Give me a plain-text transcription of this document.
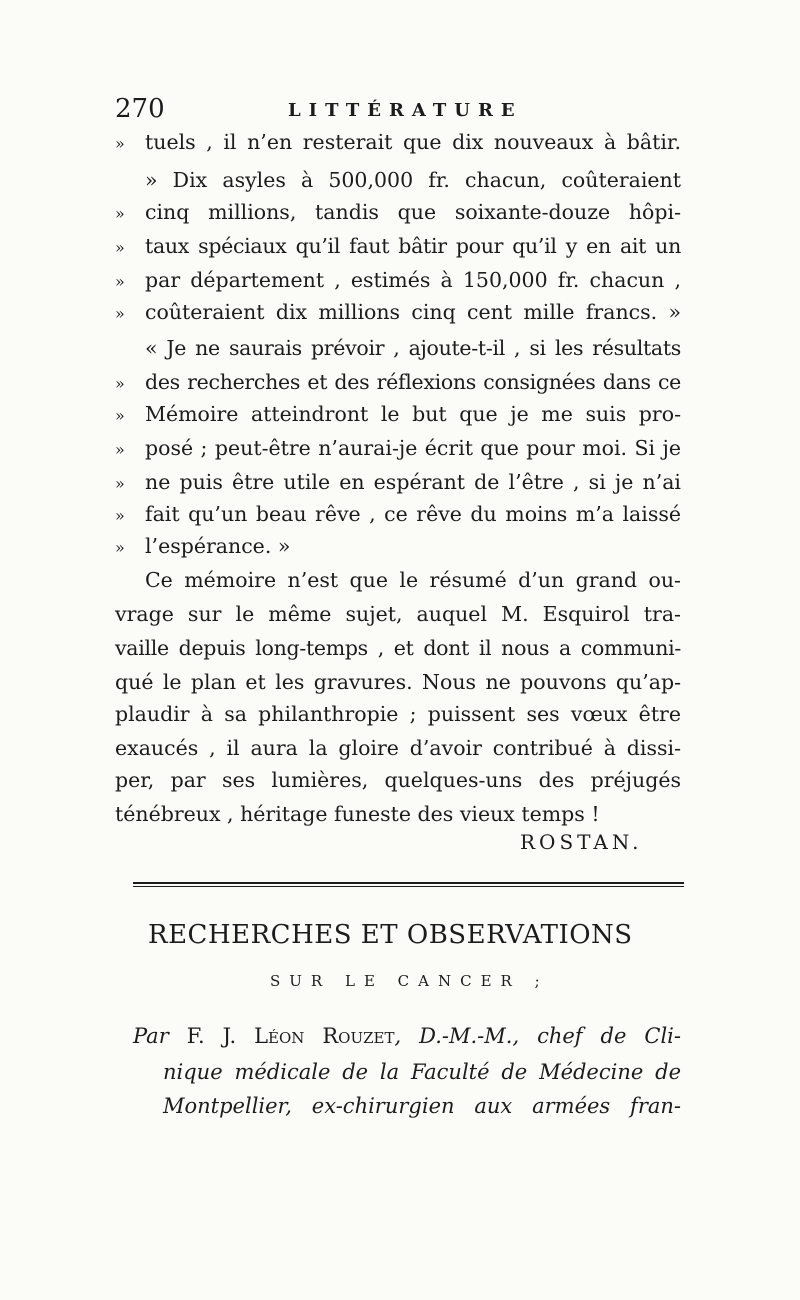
270	LITTÉRATURE
» tuels , il n’en resterait que dix nouveaux à bâtir.
» Dix asyles à 500,000 fr. chacun, coûteraient
» cinq millions, tandis que soixante-douze hôpi-
» taux spéciaux qu’il faut bâtir pour qu’il y en ait un
» par département , estimés à 150,000 fr. chacun ,
» coûteraient dix millions cinq cent mille francs. »
« Je ne saurais prévoir , ajoute-t-il , si les résultats
» des recherches et des réflexions consignées dans ce
» Mémoire atteindront le but que je me suis pro-
» posé ; peut-être n’aurai-je écrit que pour moi. Si je
» ne puis être utile en espérant de l’être , si je n’ai
» fait qu’un beau rêve , ce rêve du moins m’a laissé
» l’espérance. »
Ce mémoire n’est que le résumé d’un grand ou-
vrage sur le même sujet, auquel M. Esquirol tra-
vaille depuis long-temps , et dont il nous a communi-
qué le plan et les gravures. Nous ne pouvons qu’ap-
plaudir à sa philanthropie ; puissent ses vœux être
exaucés , il aura la gloire d’avoir contribué à dissi-
per, par ses lumières, quelques-uns des préjugés
ténébreux , héritage funeste des vieux temps !
ROSTAN.
RECHERCHES ET OBSERVATIONS
SUR LE CANCER ;
Par F. J. Léon Rouzet, D.-M.-M., chef de Cli-
nique médicale de la Faculté de Médecine de
Montpellier, ex-chirurgien aux armées fran-
